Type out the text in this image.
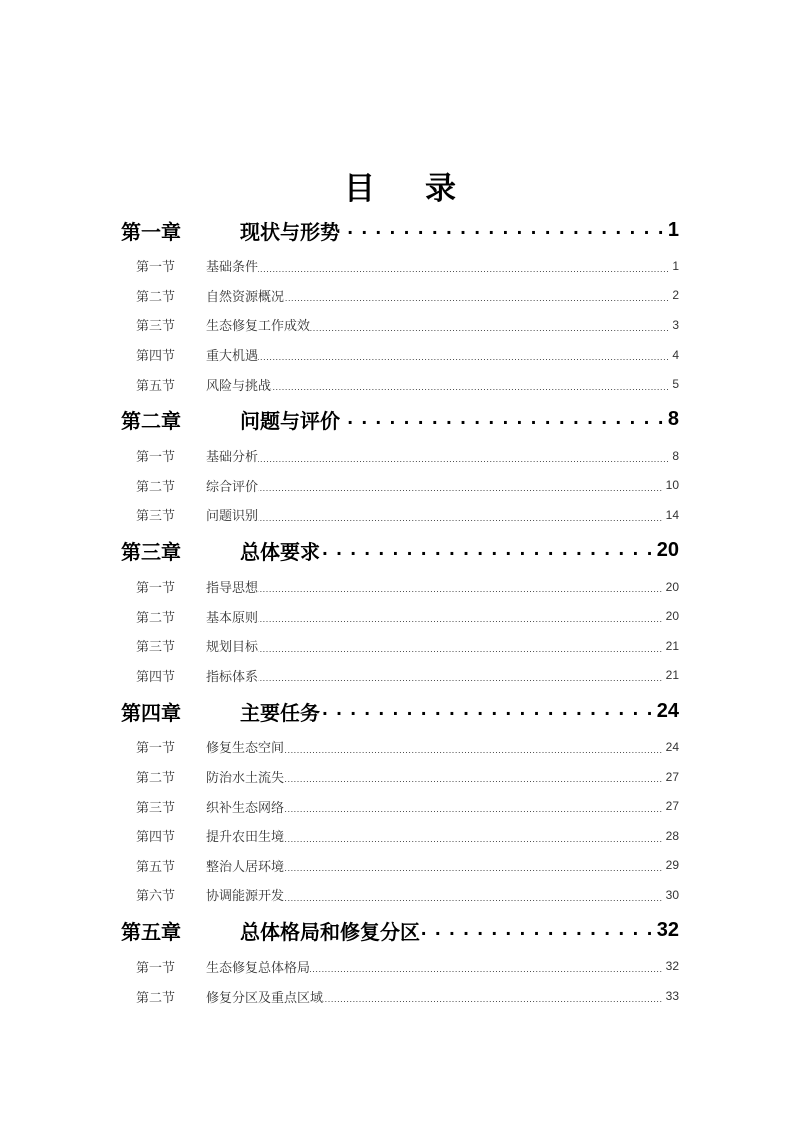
目 录
第一章	现状与形势 . . .	1
第一节	基础条件 .....	1
第二节	自然资源概况 .....	2
第三节	生态修复工作成效 .....	3
第四节	重大机遇 .....	4
第五节	风险与挑战 .....	5
第二章	问题与评价 . . .	8
第一节	基础分析 .....	8
第二节	综合评价 .....	10
第三节	问题识别 .....	14
第三章	总体要求 . . .	20
第一节	指导思想 .....	20
第二节	基本原则 .....	20
第三节	规划目标 .....	21
第四节	指标体系 .....	21
第四章	主要任务 . . .	24
第一节	修复生态空间 .....	24
第二节	防治水土流失 .....	27
第三节	织补生态网络 .....	27
第四节	提升农田生境 .....	28
第五节	整治人居环境 .....	29
第六节	协调能源开发 .....	30
第五章	总体格局和修复分区 . . .	32
第一节	生态修复总体格局 .....	32
第二节	修复分区及重点区域 .....	33
